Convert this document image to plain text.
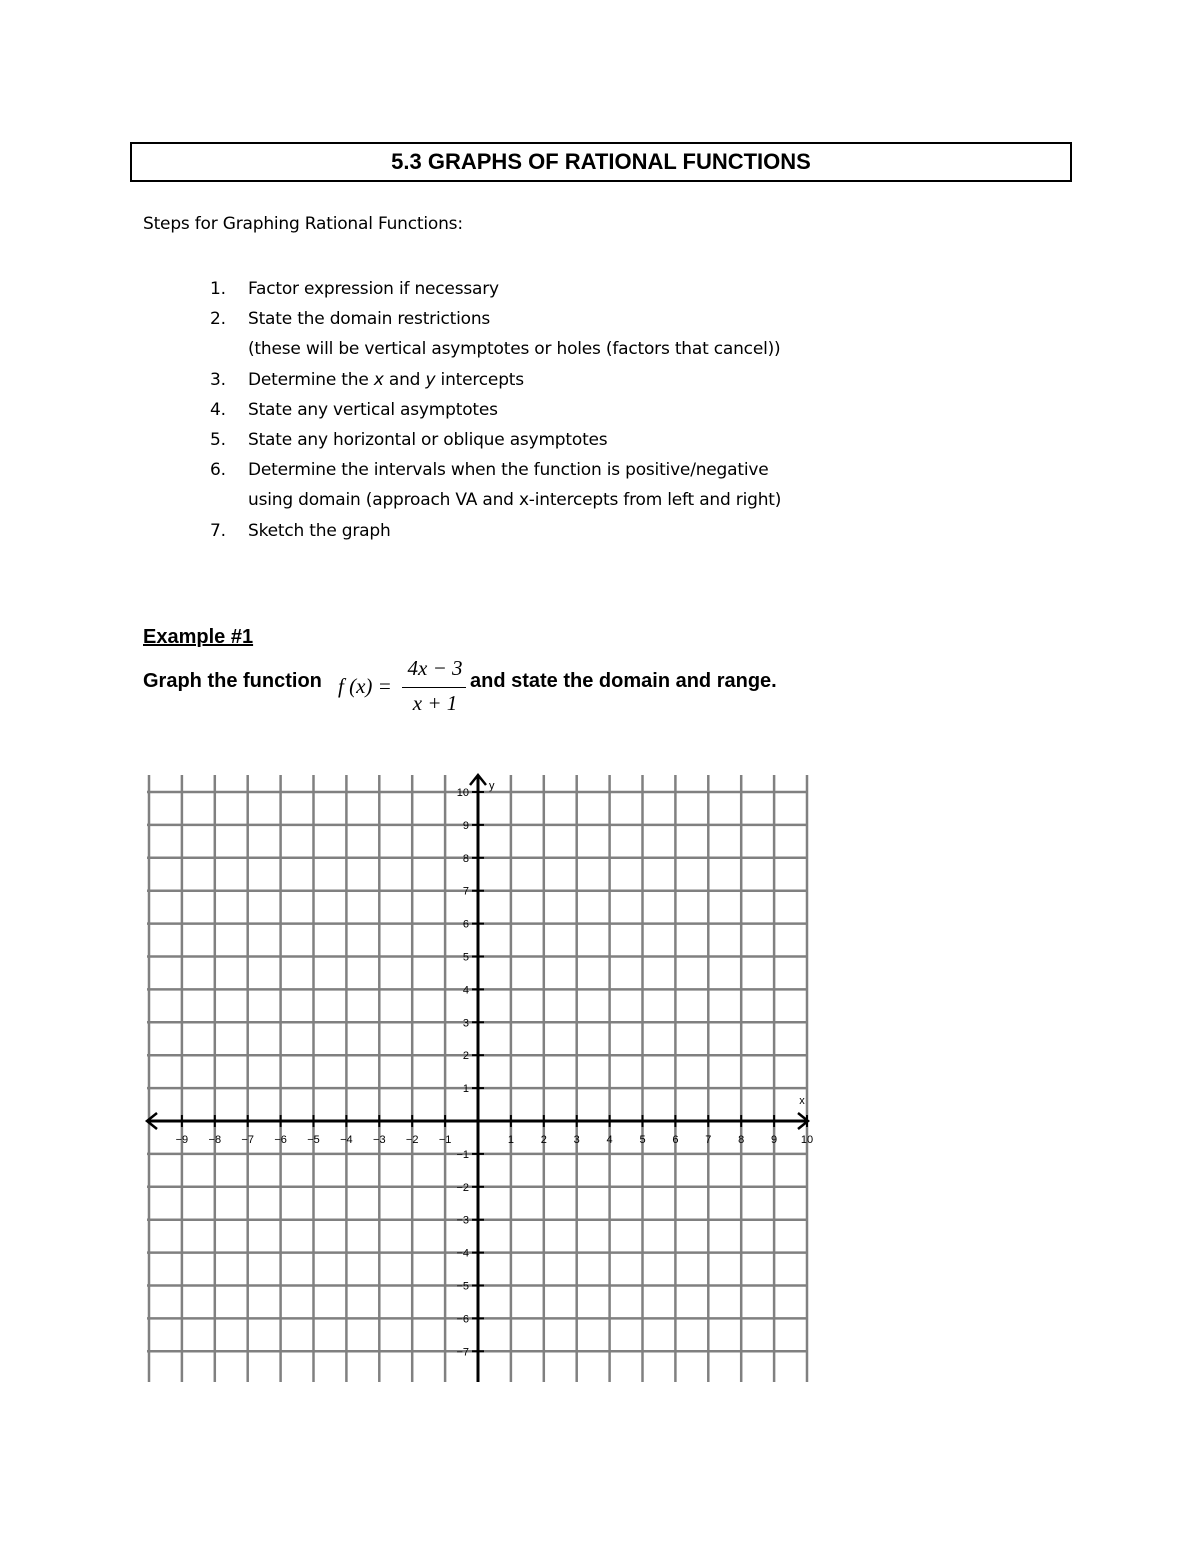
5.3 GRAPHS OF RATIONAL FUNCTIONS
Steps for Graphing Rational Functions:
1.	Factor expression if necessary
2.	State the domain restrictions
(these will be vertical asymptotes or holes (factors that cancel))
3.	Determine the x and y intercepts
4.	State any vertical asymptotes
5.	State any horizontal or oblique asymptotes
6.	Determine the intervals when the function is positive/negative
using domain (approach VA and x-intercepts from left and right)
7.	Sketch the graph
Example #1
Graph the function f (x) =
4x − 3
x + 1
and state the domain and range.
−9 −8 −7 −6 −5 −4 −3 −2 −1	1 2 3 4 5 6 7 8 9 10
10
9
8
7
6
5
4
3
2
1
−1
−2
−3
−4
−5
−6
−7
x
y
